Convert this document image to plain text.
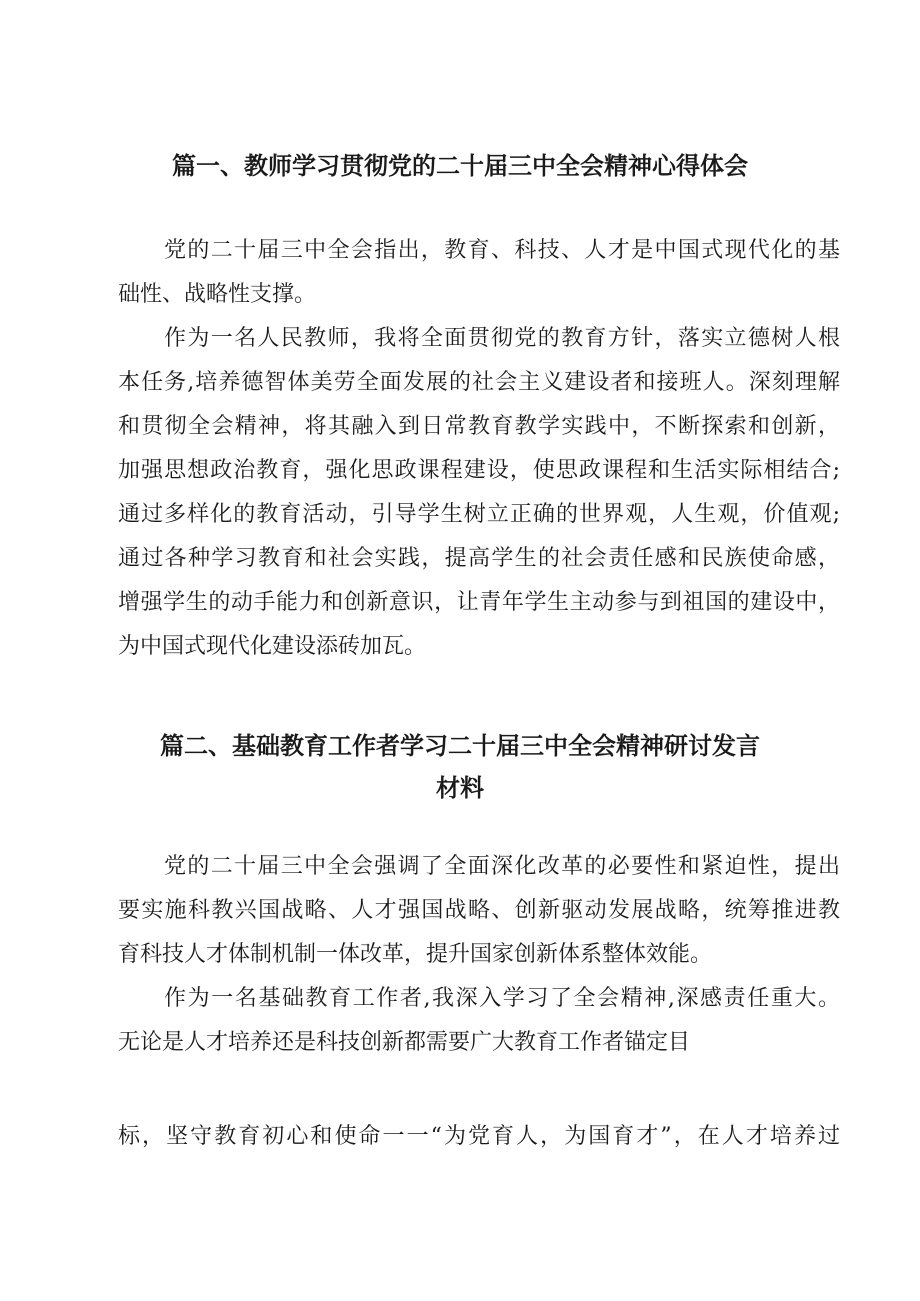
篇一、教师学习贯彻党的二十届三中全会精神心得体会
党的二十届三中全会指出，教育、科技、人才是中国式现代化的基
础性、战略性支撑。
作为一名人民教师，我将全面贯彻党的教育方针，落实立德树人根
本任务,培养德智体美劳全面发展的社会主义建设者和接班人。深刻理解
和贯彻全会精神，将其融入到日常教育教学实践中，不断探索和创新，
加强思想政治教育，强化思政课程建设，使思政课程和生活实际相结合;
通过多样化的教育活动，引导学生树立正确的世界观，人生观，价值观;
通过各种学习教育和社会实践，提高学生的社会责任感和民族使命感，
增强学生的动手能力和创新意识，让青年学生主动参与到祖国的建设中，
为中国式现代化建设添砖加瓦。
篇二、基础教育工作者学习二十届三中全会精神研讨发言
材料
党的二十届三中全会强调了全面深化改革的必要性和紧迫性，提出
要实施科教兴国战略、人才强国战略、创新驱动发展战略，统筹推进教
育科技人才体制机制一体改革，提升国家创新体系整体效能。
作为一名基础教育工作者,我深入学习了全会精神,深感责任重大。
无论是人才培养还是科技创新都需要广大教育工作者锚定目
标，坚守教育初心和使命一一“为党育人，为国育才”，在人才培养过
